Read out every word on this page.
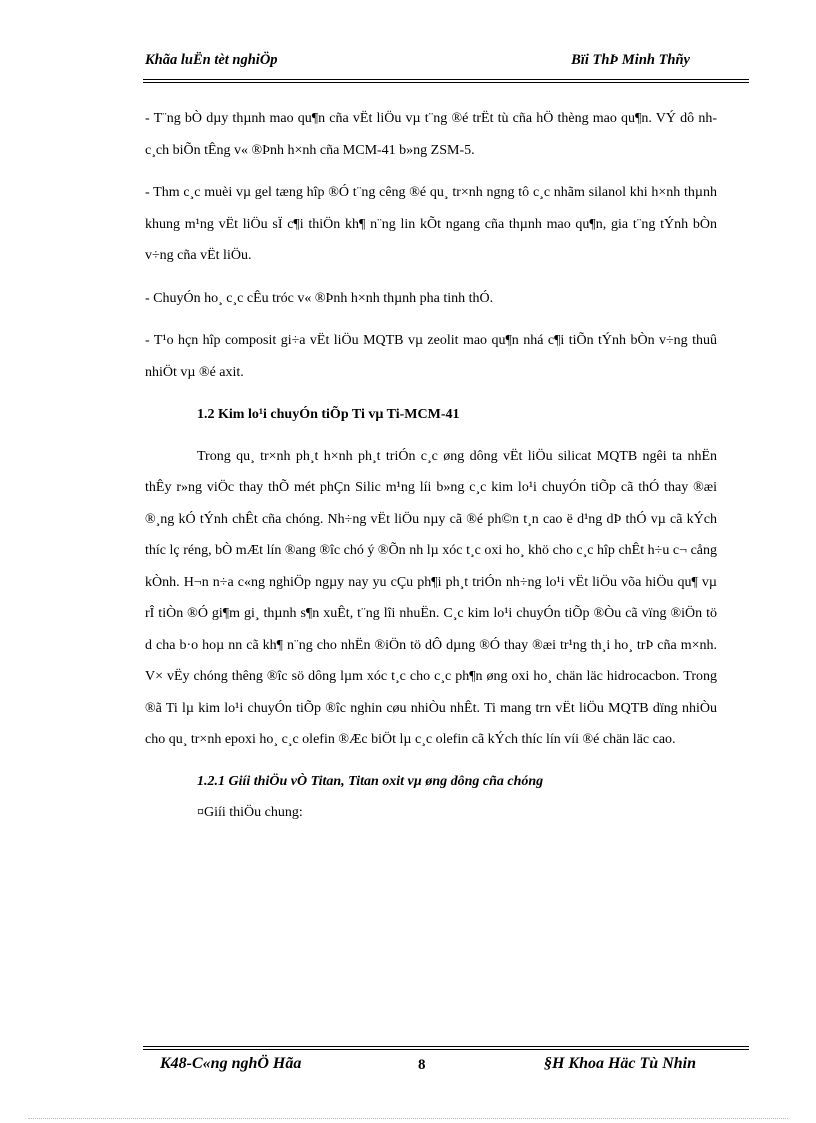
Khãa luËn tèt nghiÖp	Bïi ThÞ Minh Thñy

- T¨ng bÒ dµy thµnh mao qu¶n cña vËt liÖu vµ t¨ng ®é trËt tù cña hÖ thèng mao qu¶n. VÝ dô nh c¸ch biÕn tÊng v« ®Þnh h×nh cña MCM-41 b»ng ZSM-5.

- Thm c¸c muèi vµ gel tæng hîp ®Ó t¨ng cêng ®é qu¸ tr×nh ngng tô c¸c nhãm silanol khi h×nh thµnh khung m¹ng vËt liÖu sÏ c¶i thiÖn kh¶ n¨ng lin kÕt ngang cña thµnh mao qu¶n, gia t¨ng tÝnh bÒn v÷ng cña vËt liÖu.

- ChuyÓn ho¸ c¸c cÊu tróc v« ®Þnh h×nh thµnh pha tinh thÓ.

- T¹o hçn hîp composit gi÷a vËt liÖu MQTB vµ zeolit mao qu¶n nhá c¶i tiÕn tÝnh bÒn v÷ng thuû nhiÖt vµ ®é axit.

1.2 Kim lo¹i chuyÓn tiÕp Ti vµ Ti-MCM-41

Trong qu¸ tr×nh ph¸t h×nh ph¸t triÓn c¸c øng dông vËt liÖu silicat MQTB ngêi ta nhËn thÊy r»ng viÖc thay thÕ mét phÇn Silic m¹ng líi b»ng c¸c kim lo¹i chuyÓn tiÕp cã thÓ thay ®æi ®¸ng kÓ tÝnh chÊt cña chóng. Nh÷ng vËt liÖu nµy cã ®é ph©n t¸n cao ë d¹ng dÞ thÓ vµ cã kÝch thíc lç réng, bÒ mÆt lín ®ang ®îc chó ý ®Õn nh lµ xóc t¸c oxi ho¸ khö cho c¸c hîp chÊt h÷u c¬ cång kÒnh. H¬n n÷a c«ng nghiÖp ngµy nay yu cÇu ph¶i ph¸t triÓn nh÷ng lo¹i vËt liÖu võa hiÖu qu¶ vµ rÎ tiÒn ®Ó gi¶m gi¸ thµnh s¶n xuÊt, t¨ng lîi nhuËn. C¸c kim lo¹i chuyÓn tiÕp ®Òu cã vïng ®iÖn tö d cha b·o hoµ nn cã kh¶ n¨ng cho nhËn ®iÖn tö dÔ dµng ®Ó thay ®æi tr¹ng th¸i ho¸ trÞ cña m×nh. V× vËy chóng thêng ®îc sö dông lµm xóc t¸c cho c¸c ph¶n øng oxi ho¸ chän läc hidrocacbon. Trong ®ã Ti lµ kim lo¹i chuyÓn tiÕp ®îc nghin cøu nhiÒu nhÊt. Ti mang trn vËt liÖu MQTB dïng nhiÒu cho qu¸ tr×nh epoxi ho¸ c¸c olefin ®Æc biÖt lµ c¸c olefin cã kÝch thíc lín víi ®é chän läc cao.

1.2.1 Giíi thiÖu vÒ Titan, Titan oxit vµ øng dông cña chóng

¤Giíi thiÖu chung:

K48-C«ng nghÖ Hãa	8	§H Khoa Häc Tù Nhin
